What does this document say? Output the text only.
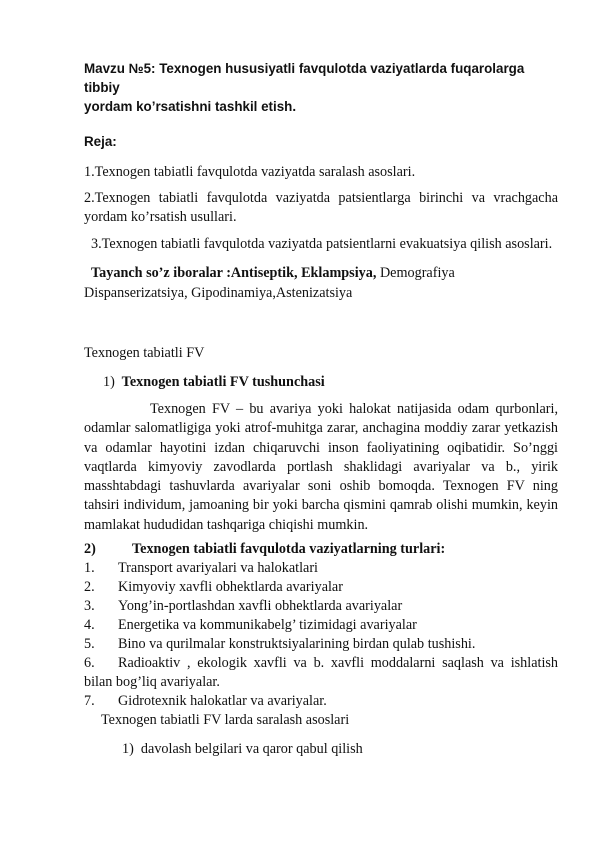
Mavzu №5: Texnogen hususiyatli favqulotda vaziyatlarda fuqarolarga tibbiy
yordam ko’rsatishni tashkil etish.
Reja:
1.Texnogen tabiatli favqulotda vaziyatda saralash asoslari.
2.Texnogen tabiatli favqulotda vaziyatda patsientlarga birinchi va vrachgacha yordam ko’rsatish usullari.
3.Texnogen tabiatli favqulotda vaziyatda patsientlarni evakuatsiya qilish asoslari.
Tayanch so’z iboralar :Antiseptik, Eklampsiya, Demografiya
Dispanserizatsiya, Gipodinamiya,Astenizatsiya
Texnogen tabiatli FV
1) Texnogen tabiatli FV tushunchasi
Texnogen FV – bu avariya yoki halokat natijasida odam qurbonlari, odamlar salomatligiga yoki atrof-muhitga zarar, anchagina moddiy zarar yetkazish va odamlar hayotini izdan chiqaruvchi inson faoliyatining oqibatidir. So’nggi vaqtlarda kimyoviy zavodlarda portlash shaklidagi avariyalar va b., yirik masshtabdagi tashuvlarda avariyalar soni oshib bomoqda. Texnogen FV ning tahsiri individum, jamoaning bir yoki barcha qismini qamrab olishi mumkin, keyin mamlakat hududidan tashqariga chiqishi mumkin.
2)	Texnogen tabiatli favqulotda vaziyatlarning turlari:
1. Transport avariyalari va halokatlari
2. Kimyoviy xavfli obhektlarda avariyalar
3. Yong’in-portlashdan xavfli obhektlarda avariyalar
4. Energetika va kommunikabelg’ tizimidagi avariyalar
5. Bino va qurilmalar konstruktsiyalarining birdan qulab tushishi.
6. Radioaktiv , ekologik xavfli va b. xavfli moddalarni saqlash va ishlatish
bilan bog’liq avariyalar.
7. Gidrotexnik halokatlar va avariyalar.
Texnogen tabiatli FV larda saralash asoslari
1) davolash belgilari va qaror qabul qilish
